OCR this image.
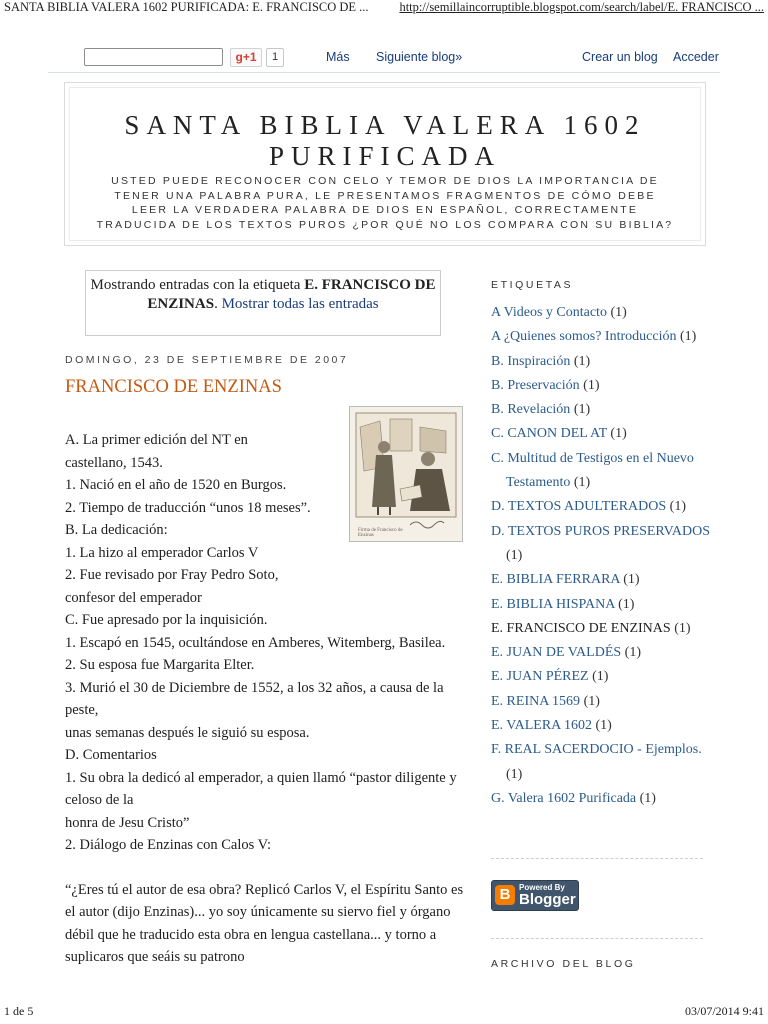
SANTA BIBLIA VALERA 1602 PURIFICADA: E. FRANCISCO DE ... http://semillaincorruptible.blogspot.com/search/label/E. FRANCISCO ...
g+1	1	Más Siguiente blog»	Crear un blog Acceder
SANTA BIBLIA VALERA 1602
PURIFICADA
USTED PUEDE RECONOCER CON CELO Y TEMOR DE DIOS LA IMPORTANCIA DE TENER UNA PALABRA PURA, LE PRESENTAMOS FRAGMENTOS DE CÓMO DEBE LEER LA VERDADERA PALABRA DE DIOS EN ESPAÑOL, CORRECTAMENTE TRADUCIDA DE LOS TEXTOS PUROS ¿POR QUÉ NO LOS COMPARA CON SU BIBLIA?
Mostrando entradas con la etiqueta E. FRANCISCO DE ENZINAS. Mostrar todas las entradas
DOMINGO, 23 DE SEPTIEMBRE DE 2007
FRANCISCO DE ENZINAS
Firma de Francisco de Enzinas

A. La primer edición del NT en

castellano, 1543.

1. Nació en el año de 1520 en Burgos.

2. Tiempo de traducción “unos 18 meses”.

B. La dedicación:

1. La hizo al emperador Carlos V

2. Fue revisado por Fray Pedro Soto,

confesor del emperador

C. Fue apresado por la inquisición.

1. Escapó en 1545, ocultándose en Amberes, Witemberg, Basilea.

2. Su esposa fue Margarita Elter.

3. Murió el 30 de Diciembre de 1552, a los 32 años, a causa de la peste,

unas semanas después le siguió su esposa.

D. Comentarios

1. Su obra la dedicó al emperador, a quien llamó “pastor diligente y celoso de la

honra de Jesu Cristo”

2. Diálogo de Enzinas con Calos V:

“¿Eres tú el autor de esa obra? Replicó Carlos V, el Espíritu Santo es el autor (dijo Enzinas)... yo soy únicamente su siervo fiel y órgano débil que he traducido esta obra en lengua castellana... y torno a suplicaros que seáis su patrono

ETIQUETAS
A Videos y Contacto (1)
A ¿Quienes somos? Introducción (1)
B. Inspiración (1)
B. Preservación (1)
B. Revelación (1)
C. CANON DEL AT (1)
C. Multitud de Testigos en el Nuevo Testamento (1)
D. TEXTOS ADULTERADOS (1)
D. TEXTOS PUROS PRESERVADOS (1)
E. BIBLIA FERRARA (1)
E. BIBLIA HISPANA (1)
E. FRANCISCO DE ENZINAS (1)
E. JUAN DE VALDÉS (1)
E. JUAN PÉREZ (1)
E. REINA 1569 (1)
E. VALERA 1602 (1)
F. REAL SACERDOCIO - Ejemplos. (1)
G. Valera 1602 Purificada (1)
B	Powered By
Blogger
ARCHIVO DEL BLOG
1 de 5	03/07/2014 9:41
